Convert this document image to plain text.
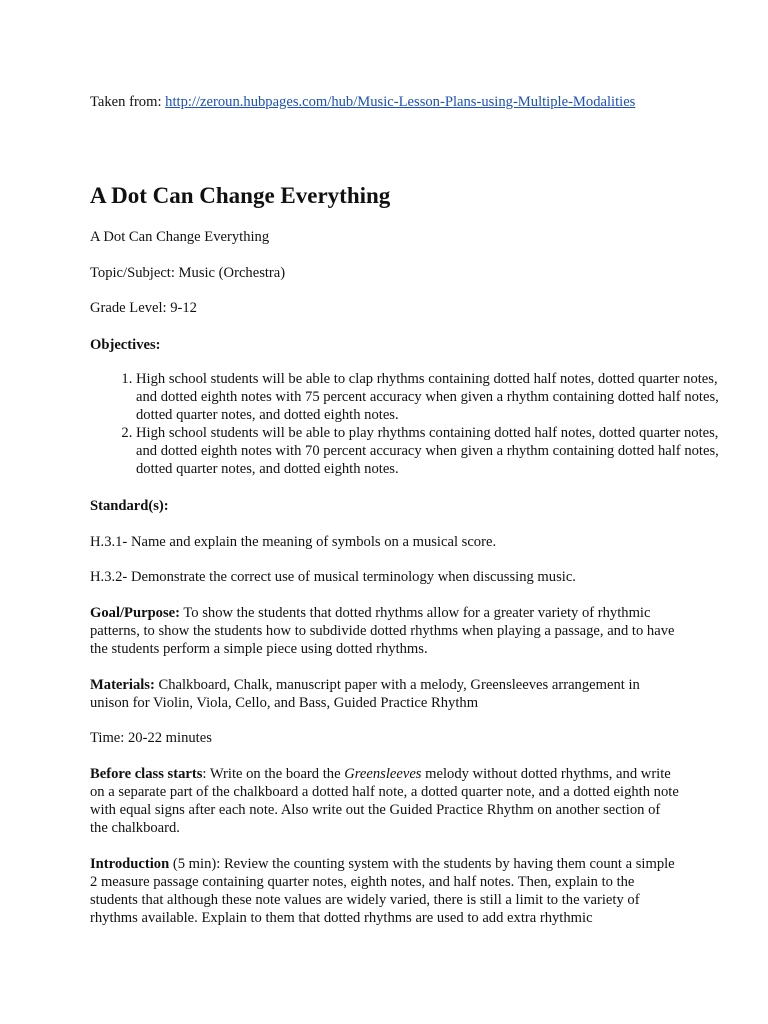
Taken from: http://zeroun.hubpages.com/hub/Music-Lesson-Plans-using-Multiple-Modalities

A Dot Can Change Everything

A Dot Can Change Everything

Topic/Subject: Music (Orchestra)

Grade Level: 9-12

Objectives:

1. High school students will be able to clap rhythms containing dotted half notes, dotted quarter notes, and dotted eighth notes with 75 percent accuracy when given a rhythm containing dotted half notes, dotted quarter notes, and dotted eighth notes.
2. High school students will be able to play rhythms containing dotted half notes, dotted quarter notes, and dotted eighth notes with 70 percent accuracy when given a rhythm containing dotted half notes, dotted quarter notes, and dotted eighth notes.

Standard(s):

H.3.1- Name and explain the meaning of symbols on a musical score.

H.3.2- Demonstrate the correct use of musical terminology when discussing music.

Goal/Purpose: To show the students that dotted rhythms allow for a greater variety of rhythmic patterns, to show the students how to subdivide dotted rhythms when playing a passage, and to have the students perform a simple piece using dotted rhythms.

Materials: Chalkboard, Chalk, manuscript paper with a melody, Greensleeves arrangement in unison for Violin, Viola, Cello, and Bass, Guided Practice Rhythm

Time: 20-22 minutes

Before class starts: Write on the board the Greensleeves melody without dotted rhythms, and write on a separate part of the chalkboard a dotted half note, a dotted quarter note, and a dotted eighth note with equal signs after each note. Also write out the Guided Practice Rhythm on another section of the chalkboard.

Introduction (5 min): Review the counting system with the students by having them count a simple 2 measure passage containing quarter notes, eighth notes, and half notes. Then, explain to the students that although these note values are widely varied, there is still a limit to the variety of rhythms available. Explain to them that dotted rhythms are used to add extra rhythmic
